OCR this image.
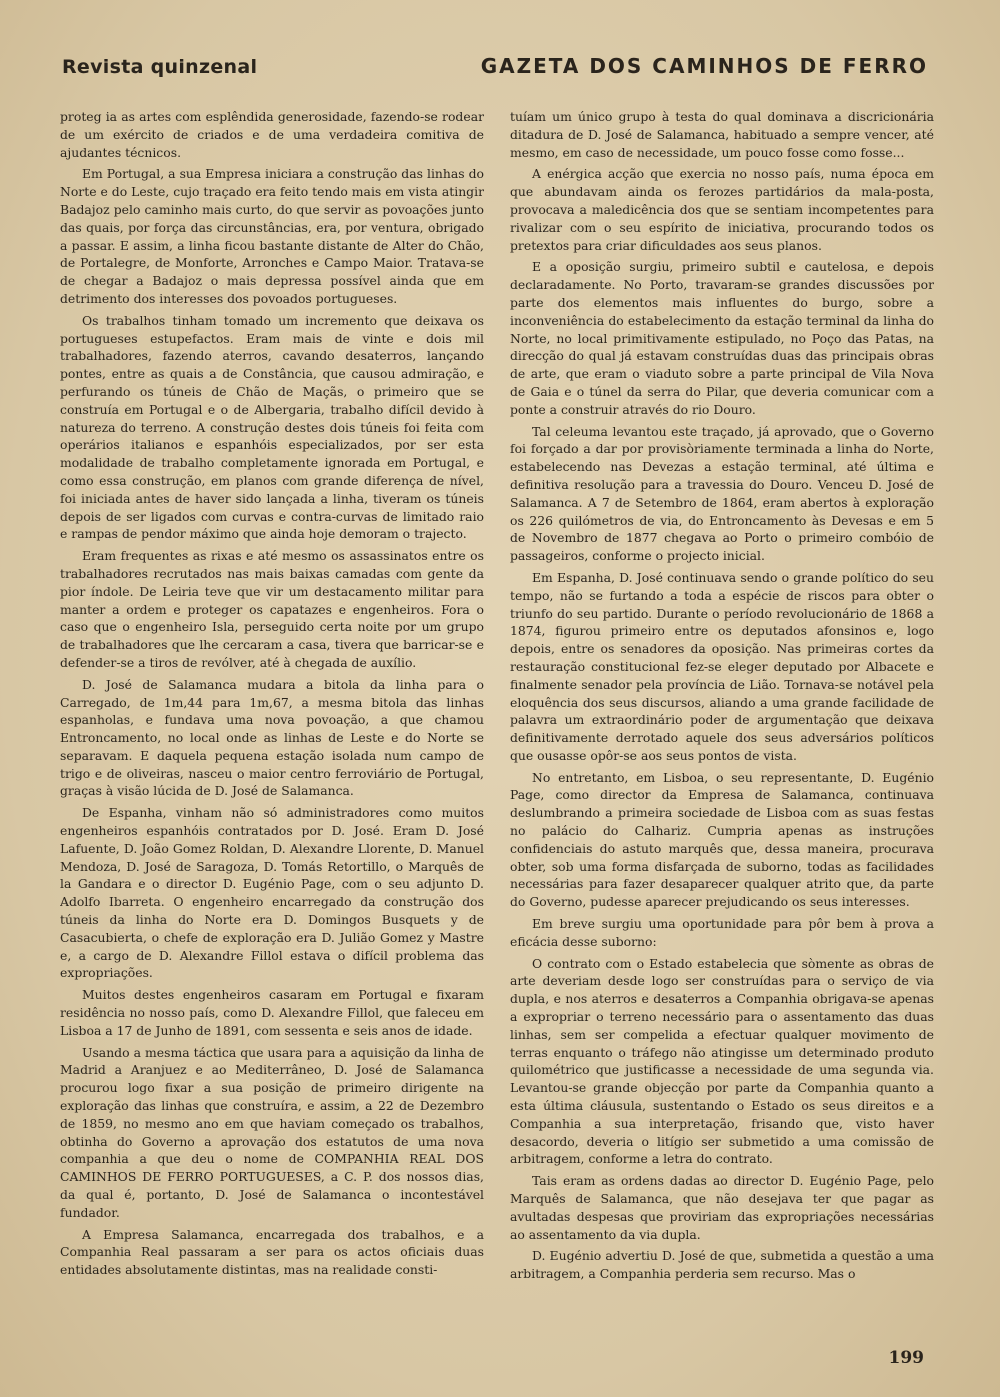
Revista quinzenal	GAZETA DOS CAMINHOS DE FERRO

proteg ia as artes com esplêndida generosidade, fazendo-se rodear de um exército de criados e de uma verdadeira comitiva de ajudantes técnicos.

Em Portugal, a sua Empresa iniciara a construção das linhas do Norte e do Leste, cujo traçado era feito tendo mais em vista atingir Badajoz pelo caminho mais curto, do que servir as povoações junto das quais, por força das circunstâncias, era, por ventura, obrigado a passar. E assim, a linha ficou bastante distante de Alter do Chão, de Portalegre, de Monforte, Arronches e Campo Maior. Tratava-se de chegar a Badajoz o mais depressa possível ainda que em detrimento dos interesses dos povoados portugueses.

Os trabalhos tinham tomado um incremento que deixava os portugueses estupefactos. Eram mais de vinte e dois mil trabalhadores, fazendo aterros, cavando desaterros, lançando pontes, entre as quais a de Constância, que causou admiração, e perfurando os túneis de Chão de Maçãs, o primeiro que se construía em Portugal e o de Albergaria, trabalho difícil devido à natureza do terreno. A construção destes dois túneis foi feita com operários italianos e espanhóis especializados, por ser esta modalidade de trabalho completamente ignorada em Portugal, e como essa construção, em planos com grande diferença de nível, foi iniciada antes de haver sido lançada a linha, tiveram os túneis depois de ser ligados com curvas e contra-curvas de limitado raio e rampas de pendor máximo que ainda hoje demoram o trajecto.

Eram frequentes as rixas e até mesmo os assassinatos entre os trabalhadores recrutados nas mais baixas camadas com gente da pior índole. De Leiria teve que vir um destacamento militar para manter a ordem e proteger os capatazes e engenheiros. Fora o caso que o engenheiro Isla, perseguido certa noite por um grupo de trabalhadores que lhe cercaram a casa, tivera que barricar-se e defender-se a tiros de revólver, até à chegada de auxílio.

D. José de Salamanca mudara a bitola da linha para o Carregado, de 1m,44 para 1m,67, a mesma bitola das linhas espanholas, e fundava uma nova povoação, a que chamou Entroncamento, no local onde as linhas de Leste e do Norte se separavam. E daquela pequena estação isolada num campo de trigo e de oliveiras, nasceu o maior centro ferroviário de Portugal, graças à visão lúcida de D. José de Salamanca.

De Espanha, vinham não só administradores como muitos engenheiros espanhóis contratados por D. José. Eram D. José Lafuente, D. João Gomez Roldan, D. Alexandre Llorente, D. Manuel Mendoza, D. José de Saragoza, D. Tomás Retortillo, o Marquês de la Gandara e o director D. Eugénio Page, com o seu adjunto D. Adolfo Ibarreta. O engenheiro encarregado da construção dos túneis da linha do Norte era D. Domingos Busquets y de Casacubierta, o chefe de exploração era D. Julião Gomez y Mastre e, a cargo de D. Alexandre Fillol estava o difícil problema das expropriações.

Muitos destes engenheiros casaram em Portugal e fixaram residência no nosso país, como D. Alexandre Fillol, que faleceu em Lisboa a 17 de Junho de 1891, com sessenta e seis anos de idade.

Usando a mesma táctica que usara para a aquisição da linha de Madrid a Aranjuez e ao Mediterrâneo, D. José de Salamanca procurou logo fixar a sua posição de primeiro dirigente na exploração das linhas que construíra, e assim, a 22 de Dezembro de 1859, no mesmo ano em que haviam começado os trabalhos, obtinha do Governo a aprovação dos estatutos de uma nova companhia a que deu o nome de COMPANHIA REAL DOS CAMINHOS DE FERRO PORTUGUESES, a C. P. dos nossos dias, da qual é, portanto, D. José de Salamanca o incontestável fundador.

A Empresa Salamanca, encarregada dos trabalhos, e a Companhia Real passaram a ser para os actos oficiais duas entidades absolutamente distintas, mas na realidade consti-

tuíam um único grupo à testa do qual dominava a discricionária ditadura de D. José de Salamanca, habituado a sempre vencer, até mesmo, em caso de necessidade, um pouco fosse como fosse...

A enérgica acção que exercia no nosso país, numa época em que abundavam ainda os ferozes partidários da mala-posta, provocava a maledicência dos que se sentiam incompetentes para rivalizar com o seu espírito de iniciativa, procurando todos os pretextos para criar dificuldades aos seus planos.

E a oposição surgiu, primeiro subtil e cautelosa, e depois declaradamente. No Porto, travaram-se grandes discussões por parte dos elementos mais influentes do burgo, sobre a inconveniência do estabelecimento da estação terminal da linha do Norte, no local primitivamente estipulado, no Poço das Patas, na direcção do qual já estavam construídas duas das principais obras de arte, que eram o viaduto sobre a parte principal de Vila Nova de Gaia e o túnel da serra do Pilar, que deveria comunicar com a ponte a construir através do rio Douro.

Tal celeuma levantou este traçado, já aprovado, que o Governo foi forçado a dar por provisòriamente terminada a linha do Norte, estabelecendo nas Devezas a estação terminal, até última e definitiva resolução para a travessia do Douro. Venceu D. José de Salamanca. A 7 de Setembro de 1864, eram abertos à exploração os 226 quilómetros de via, do Entroncamento às Devesas e em 5 de Novembro de 1877 chegava ao Porto o primeiro combóio de passageiros, conforme o projecto inicial.

Em Espanha, D. José continuava sendo o grande político do seu tempo, não se furtando a toda a espécie de riscos para obter o triunfo do seu partido. Durante o período revolucionário de 1868 a 1874, figurou primeiro entre os deputados afonsinos e, logo depois, entre os senadores da oposição. Nas primeiras cortes da restauração constitucional fez-se eleger deputado por Albacete e finalmente senador pela província de Lião. Tornava-se notável pela eloquência dos seus discursos, aliando a uma grande facilidade de palavra um extraordinário poder de argumentação que deixava definitivamente derrotado aquele dos seus adversários políticos que ousasse opôr-se aos seus pontos de vista.

No entretanto, em Lisboa, o seu representante, D. Eugénio Page, como director da Empresa de Salamanca, continuava deslumbrando a primeira sociedade de Lisboa com as suas festas no palácio do Calhariz. Cumpria apenas as instruções confidenciais do astuto marquês que, dessa maneira, procurava obter, sob uma forma disfarçada de suborno, todas as facilidades necessárias para fazer desaparecer qualquer atrito que, da parte do Governo, pudesse aparecer prejudicando os seus interesses.

Em breve surgiu uma oportunidade para pôr bem à prova a eficácia desse suborno:

O contrato com o Estado estabelecia que sòmente as obras de arte deveriam desde logo ser construídas para o serviço de via dupla, e nos aterros e desaterros a Companhia obrigava-se apenas a expropriar o terreno necessário para o assentamento das duas linhas, sem ser compelida a efectuar qualquer movimento de terras enquanto o tráfego não atingisse um determinado produto quilométrico que justificasse a necessidade de uma segunda via. Levantou-se grande objecção por parte da Companhia quanto a esta última cláusula, sustentando o Estado os seus direitos e a Companhia a sua interpretação, frisando que, visto haver desacordo, deveria o litígio ser submetido a uma comissão de arbitragem, conforme a letra do contrato.

Tais eram as ordens dadas ao director D. Eugénio Page, pelo Marquês de Salamanca, que não desejava ter que pagar as avultadas despesas que proviriam das expropriações necessárias ao assentamento da via dupla.

D. Eugénio advertiu D. José de que, submetida a questão a uma arbitragem, a Companhia perderia sem recurso. Mas o

199
